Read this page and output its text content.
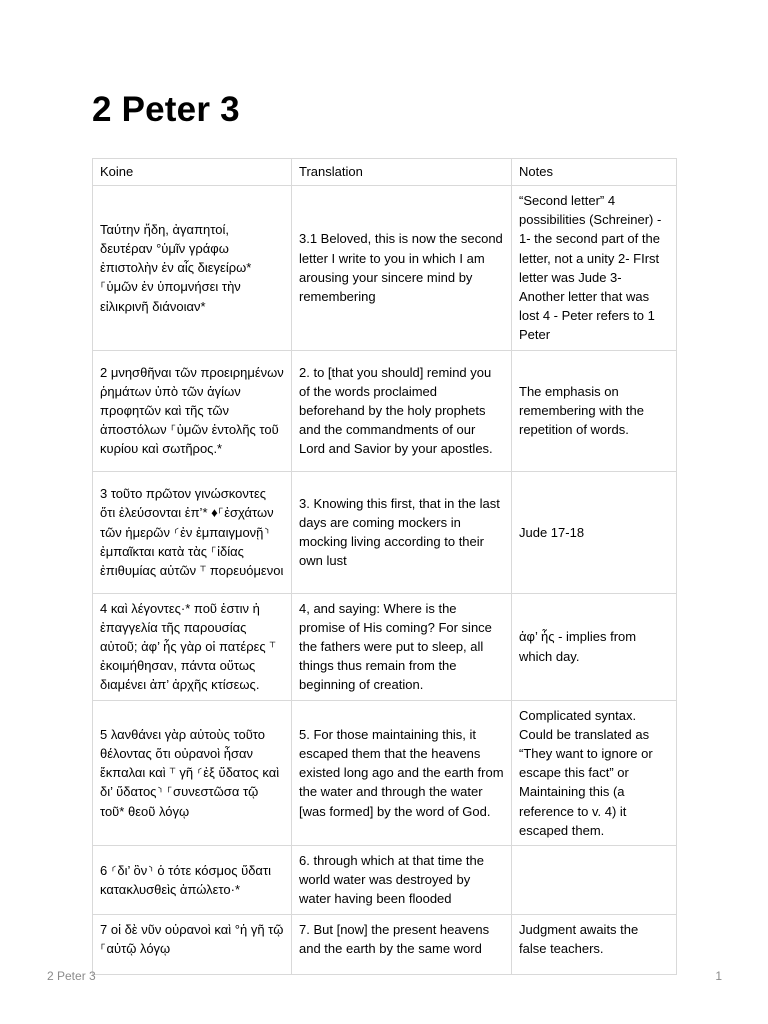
2 Peter 3
Koine	Translation	Notes
Ταύτην ἤδη, ἀγαπητοί, δευτέραν °ὑμῖν γράφω ἐπιστολὴν ἐν αἷς διεγείρω* ⸀ὑμῶν ἐν ὑπομνήσει τὴν εἰλικρινῆ διάνοιαν*	3.1 Beloved, this is now the second letter I write to you in which I am arousing your sincere mind by remembering	“Second letter” 4 possibilities (Schreiner) - 1- the second part of the letter, not a unity 2- FIrst letter was Jude 3- Another letter that was lost 4 - Peter refers to 1 Peter
2 μνησθῆναι τῶν προειρημένων ῥημάτων ὑπὸ τῶν ἁγίων προφητῶν καὶ τῆς τῶν ἀποστόλων ⸀ὑμῶν ἐντολῆς τοῦ κυρίου καὶ σωτῆρος.*	2. to [that you should] remind you of the words proclaimed beforehand by the holy prophets and the commandments of our Lord and Savior by your apostles.	The emphasis on remembering with the repetition of words.
3 τοῦτο πρῶτον γινώσκοντες ὅτι ἐλεύσονται ἐπ’* ♦⸀ἐσχάτων τῶν ἡμερῶν ⸂ἐν ἐμπαιγμονῇ⸃ ἐμπαῖκται κατὰ τὰς ⸀ἰδίας ἐπιθυμίας αὐτῶν ⸆ πορευόμενοι	3. Knowing this first, that in the last days are coming mockers in mocking living according to their own lust	Jude 17-18
4 καὶ λέγοντες·* ποῦ ἐστιν ἡ ἐπαγγελία τῆς παρουσίας αὐτοῦ; ἀφ’ ἧς γὰρ οἱ πατέρες ⸆ ἐκοιμήθησαν, πάντα οὕτως διαμένει ἀπ’ ἀρχῆς κτίσεως.	4, and saying: Where is the promise of His coming? For since the fathers were put to sleep, all things thus remain from the beginning of creation.	ἀφ’ ἧς - implies from which day.
5 λανθάνει γὰρ αὐτοὺς τοῦτο θέλοντας ὅτι οὐρανοὶ ἦσαν ἔκπαλαι καὶ ⸆ γῆ ⸂ἐξ ὕδατος καὶ δι’ ὕδατος⸃ ⸀συνεστῶσα τῷ τοῦ* θεοῦ λόγῳ	5. For those maintaining this, it escaped them that the heavens existed long ago and the earth from the water and through the water [was formed] by the word of God.	Complicated syntax. Could be translated as “They want to ignore or escape this fact” or Maintaining this (a reference to v. 4) it escaped them.
6 ⸂δι’ ὃν⸃ ὁ τότε κόσμος ὕδατι κατακλυσθεὶς ἀπώλετο·*	6. through which at that time the world water was destroyed by water having been flooded	
7 οἱ δὲ νῦν οὐρανοὶ καὶ °ἡ γῆ τῷ ⸀αὐτῷ λόγῳ	7. But [now] the present heavens and the earth by the same word	Judgment awaits the false teachers.
2 Peter 3	1
